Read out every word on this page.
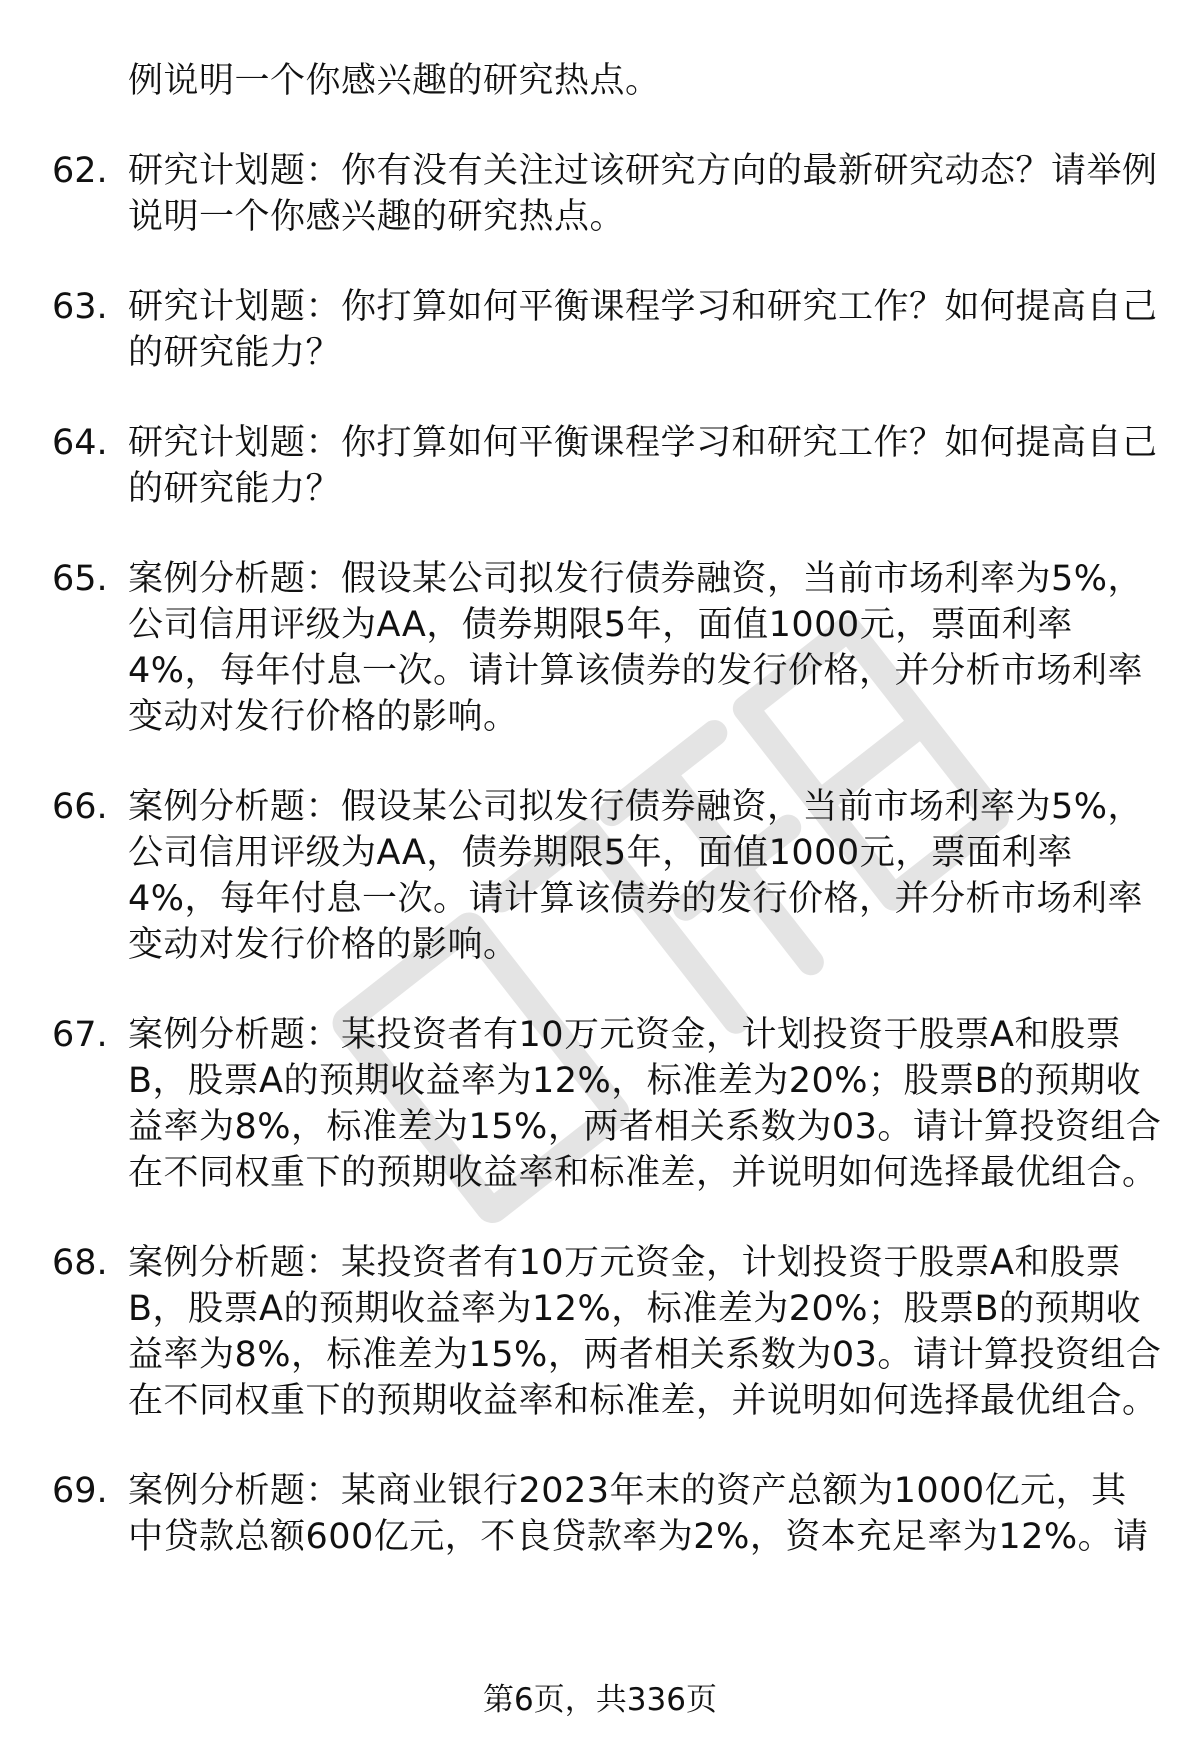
例说明一个你感兴趣的研究热点。
62. 研究计划题：你有没有关注过该研究方向的最新研究动态？请举例说明一个你感兴趣的研究热点。
63. 研究计划题：你打算如何平衡课程学习和研究工作？如何提高自己的研究能力？
64. 研究计划题：你打算如何平衡课程学习和研究工作？如何提高自己的研究能力？
65. 案例分析题：假设某公司拟发行债券融资，当前市场利率为5%，公司信用评级为AA，债券期限5年，面值1000元，票面利率4%，每年付息一次。请计算该债券的发行价格，并分析市场利率变动对发行价格的影响。
66. 案例分析题：假设某公司拟发行债券融资，当前市场利率为5%，公司信用评级为AA，债券期限5年，面值1000元，票面利率4%，每年付息一次。请计算该债券的发行价格，并分析市场利率变动对发行价格的影响。
67. 案例分析题：某投资者有10万元资金，计划投资于股票A和股票B，股票A的预期收益率为12%，标准差为20%；股票B的预期收益率为8%，标准差为15%，两者相关系数为03。请计算投资组合在不同权重下的预期收益率和标准差，并说明如何选择最优组合。
68. 案例分析题：某投资者有10万元资金，计划投资于股票A和股票B，股票A的预期收益率为12%，标准差为20%；股票B的预期收益率为8%，标准差为15%，两者相关系数为03。请计算投资组合在不同权重下的预期收益率和标准差，并说明如何选择最优组合。
69. 案例分析题：某商业银行2023年末的资产总额为1000亿元，其中贷款总额600亿元，不良贷款率为2%，资本充足率为12%。请
第6页，共336页
